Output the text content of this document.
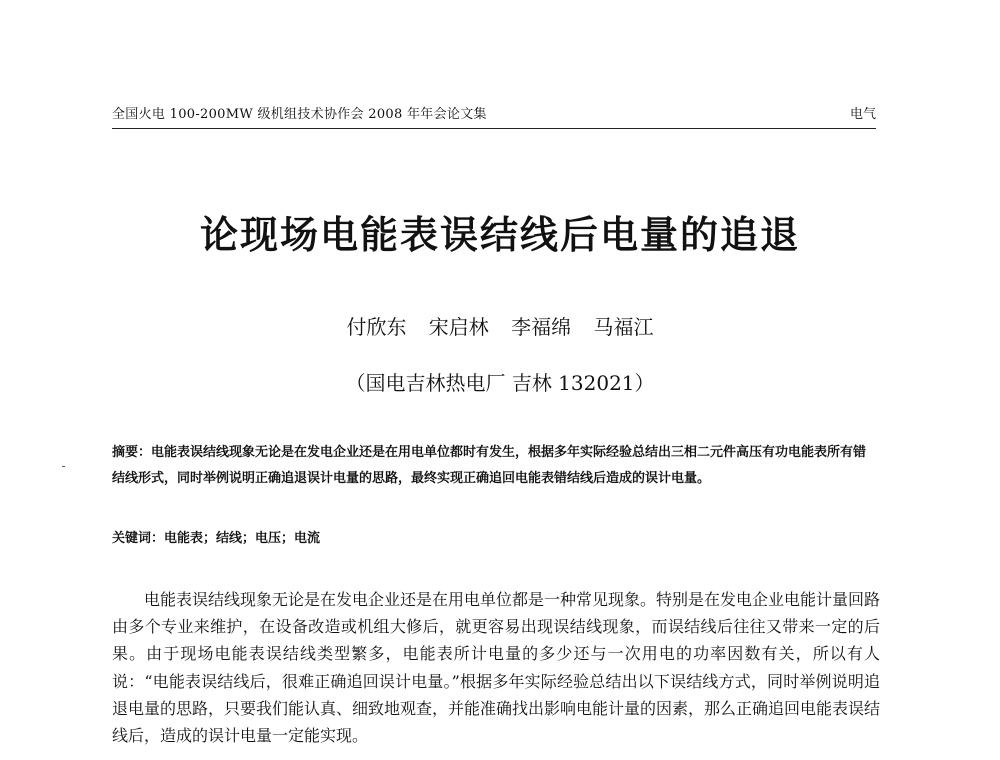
全国火电 100-200MW 级机组技术协作会 2008 年年会论文集	电气
论现场电能表误结线后电量的追退
付欣东 宋启林 李福绵 马福江
（国电吉林热电厂 吉林 132021）
摘要：电能表误结线现象无论是在发电企业还是在用电单位都时有发生，根据多年实际经验总结出三相二元件高压有功电能表所有错结线形式，同时举例说明正确追退误计电量的思路，最终实现正确追回电能表错结线后造成的误计电量。
关键词：电能表；结线；电压；电流

电能表误结线现象无论是在发电企业还是在用电单位都是一种常见现象。特别是在发电企业电能计量回路由多个专业来维护，在设备改造或机组大修后，就更容易出现误结线现象，而误结线后往往又带来一定的后果。由于现场电能表误结线类型繁多，电能表所计电量的多少还与一次用电的功率因数有关，所以有人说：“电能表误结线后，很难正确追回误计电量。”根据多年实际经验总结出以下误结线方式，同时举例说明追退电量的思路，只要我们能认真、细致地观查，并能准确找出影响电能计量的因素，那么正确追回电能表误结线后，造成的误计电量一定能实现。
